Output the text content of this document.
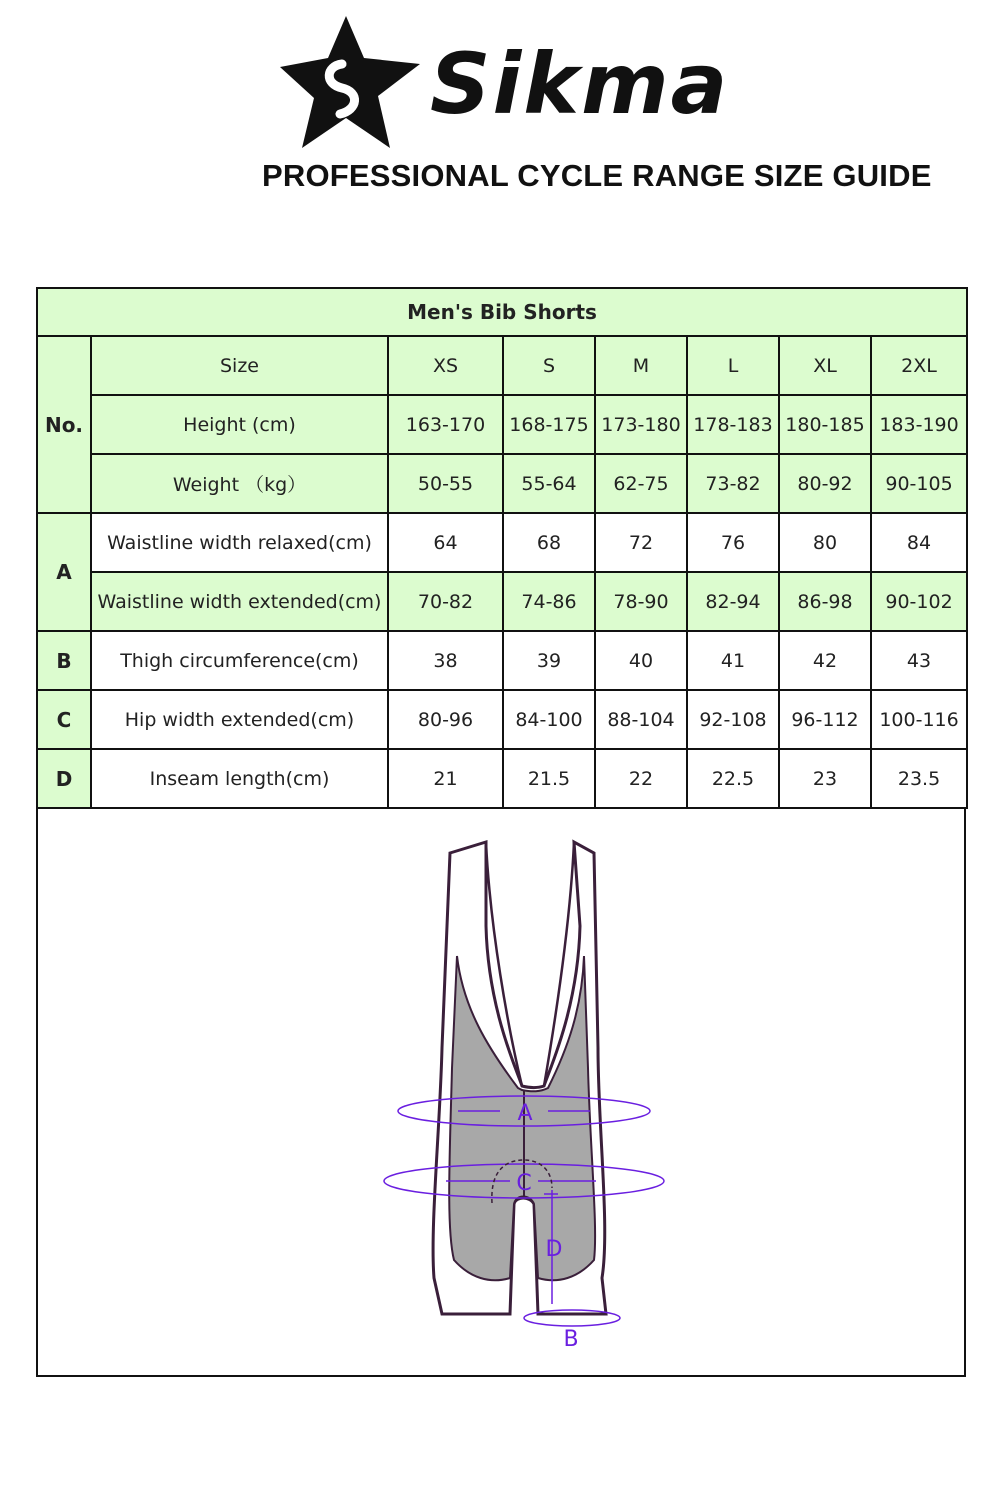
Sikma
PROFESSIONAL CYCLE RANGE SIZE GUIDE
Men's Bib Shorts							
No.	Size	XS	S	M	L	XL	2XL
	Height (cm)	163-170	168-175	173-180	178-183	180-185	183-190
	Weight （kg）	50-55	55-64	62-75	73-82	80-92	90-105
A	Waistline width relaxed(cm)	64	68	72	76	80	84
	Waistline width extended(cm)	70-82	74-86	78-90	82-94	86-98	90-102
B	Thigh circumference(cm)	38	39	40	41	42	43
C	Hip width extended(cm)	80-96	84-100	88-104	92-108	96-112	100-116
D	Inseam length(cm)	21	21.5	22	22.5	23	23.5
A
C
D
B
